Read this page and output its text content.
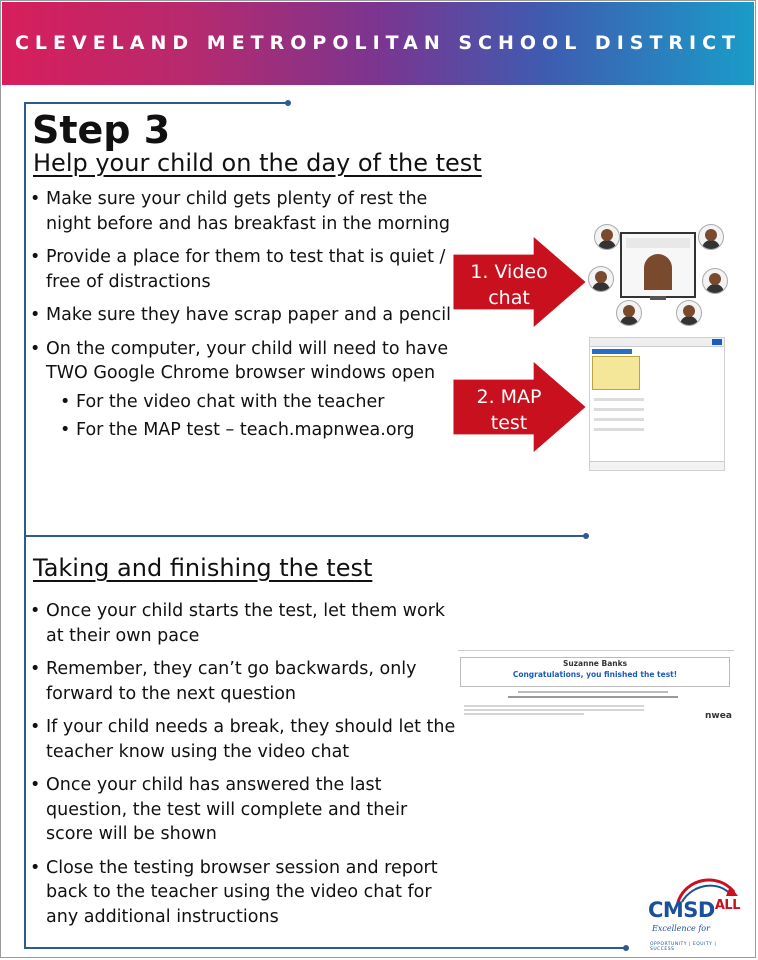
CLEVELAND METROPOLITAN SCHOOL DISTRICT
Step 3
Help your child on the day of the test
• Make sure your child gets plenty of rest the night before and has breakfast in the morning
• Provide a place for them to test that is quiet / free of distractions
• Make sure they have scrap paper and a pencil
• On the computer, your child will need to have TWO Google Chrome browser windows open
• For the video chat with the teacher
• For the MAP test – teach.mapnwea.org
1. Video
chat
2. MAP
test
Taking and finishing the test
• Once your child starts the test, let them work at their own pace
• Remember, they can’t go backwards, only forward to the next question
• If your child needs a break, they should let the teacher know using the video chat
• Once your child has answered the last question, the test will complete and their score will be shown
• Close the testing browser session and report back to the teacher using the video chat for any additional instructions
Suzanne Banks
Congratulations, you finished the test!
nwea
$CMSD^{ALL}$
Excellence for
OPPORTUNITY | EQUITY | SUCCESS
